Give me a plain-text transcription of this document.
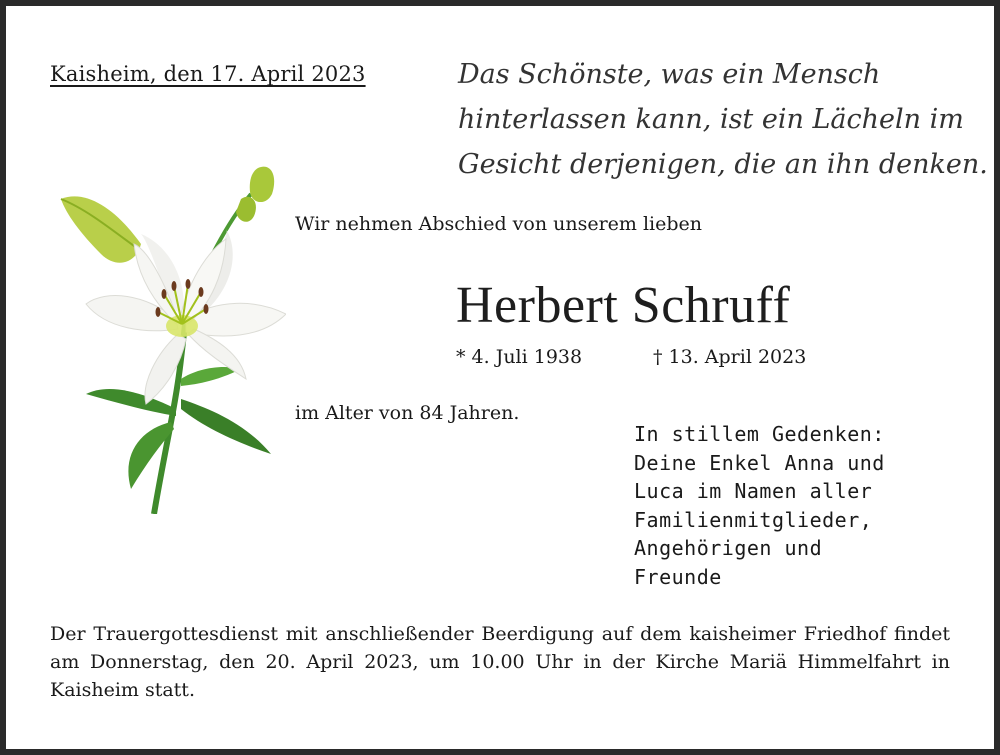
Kaisheim, den 17. April 2023	Das Schönste, was ein Mensch
hinterlassen kann, ist ein Lächeln im
Gesicht derjenigen, die an ihn denken.
Wir nehmen Abschied von unserem lieben
Herbert Schruff
* 4. Juli 1938	† 13. April 2023
im Alter von 84 Jahren.
In stillem Gedenken:
Deine Enkel Anna und
Luca im Namen aller
Familienmitglieder,
Angehörigen und
Freunde
Der Trauergottesdienst mit anschließender Beerdigung auf dem kaisheimer Friedhof findet am Donnerstag, den 20. April 2023, um 10.00 Uhr in der Kirche Mariä Himmelfahrt in Kaisheim statt.
